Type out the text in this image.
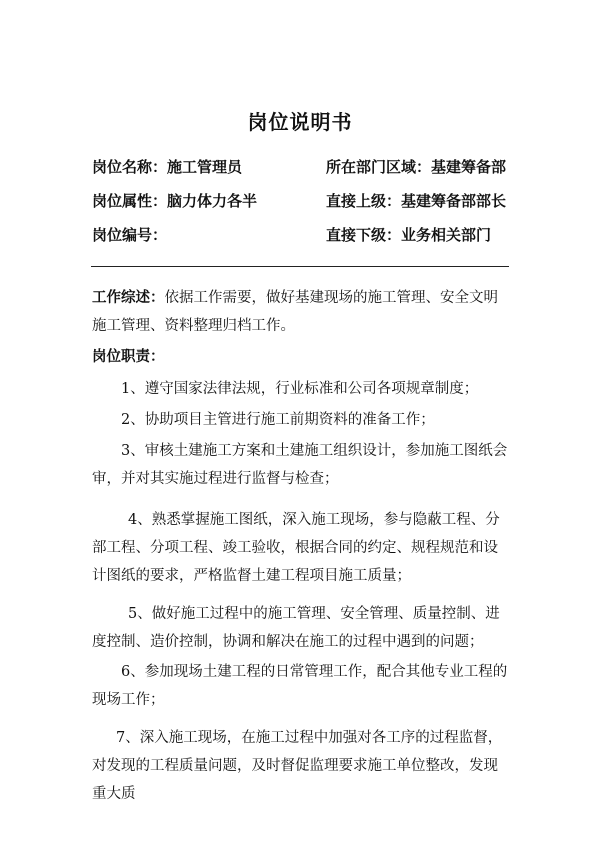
岗位说明书
岗位名称：施工管理员	所在部门区域：基建筹备部
岗位属性：脑力体力各半	直接上级：基建筹备部部长
岗位编号：	直接下级：业务相关部门
工作综述：依据工作需要，做好基建现场的施工管理、安全文明施工管理、资料整理归档工作。
岗位职责：
1、遵守国家法律法规，行业标准和公司各项规章制度；
2、协助项目主管进行施工前期资料的准备工作；
3、审核土建施工方案和土建施工组织设计，参加施工图纸会审，并对其实施过程进行监督与检查；
4、熟悉掌握施工图纸，深入施工现场，参与隐蔽工程、分部工程、分项工程、竣工验收，根据合同的约定、规程规范和设计图纸的要求，严格监督土建工程项目施工质量；
5、做好施工过程中的施工管理、安全管理、质量控制、进度控制、造价控制，协调和解决在施工的过程中遇到的问题；
6、参加现场土建工程的日常管理工作，配合其他专业工程的现场工作；
7、深入施工现场，在施工过程中加强对各工序的过程监督，对发现的工程质量问题，及时督促监理要求施工单位整改，发现重大质
